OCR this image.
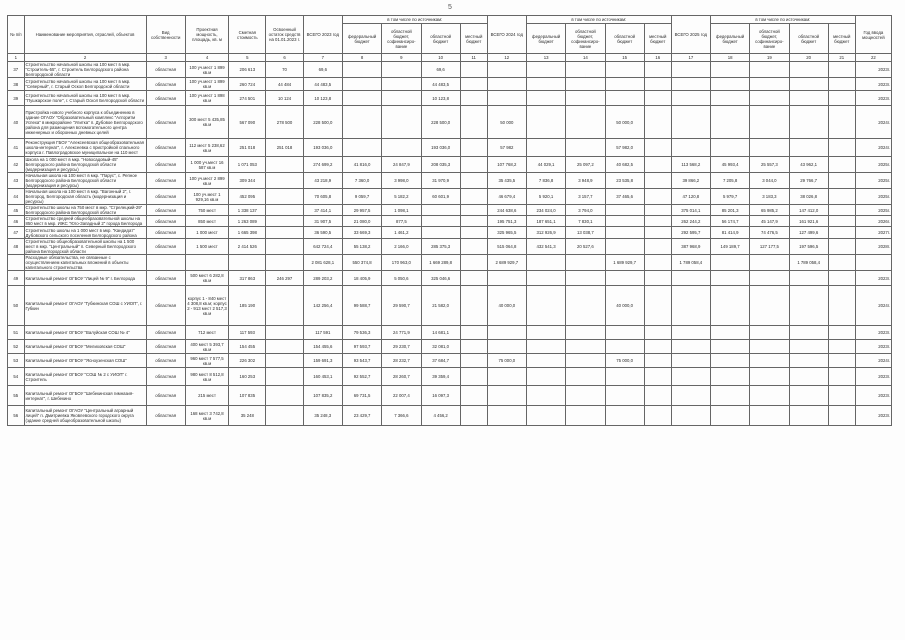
5
№ п/п	Наименование мероприятия, отраслей, объектов	Вид собственности	Проектная мощность, площадь, кв. м	Сметная стоимость	Освоенный остаток средств на 01.01.2023 г.	ВСЕГО 2023 год	в том числе по источникам:				ВСЕГО 2024 год	в том числе по источникам:				ВСЕГО 2025 год	в том числе по источникам:				Год ввода мощностей
							федеральный бюджет	областной бюджет, софинансиро-вание	областной бюджет	местный бюджет		федеральный бюджет	областной бюджет, софинансиро-вание	областной бюджет	местный бюджет		федеральный бюджет	областной бюджет, софинансиро-вание	областной бюджет	местный бюджет	
1	2	3	4	5	6	7	8	9	10	11	12	13	14	15	16	17	18	19	20	21	22
37	Строительство начальной школы на 100 мест в мкр. "Строитель-55", г. Строитель Белгородского района Белгородской области	областная	100 уч.мест 1 899 кв.м	206 613	70	69,6			69,6												2023г.
38	Строительство начальной школы на 100 мест в мкр. "Северный", г. Старый Оскол Белгородской области	областная	100 уч.мест 1 899 кв.м	260 724	44 484	44 483,5			44 483,5												2023г.
39	Строительство начальной школы на 100 мест в мкр. "Пушкарское поле", г. Старый Оскол Белгородской области	областная	100 уч.мест 1 898 кв.м	274 501	10 124	10 123,8			10 123,8												2023г.
40	Пристройка нового учебного корпуса к объединению в здание ОГАОУ "Образовательный комплекс "Алгоритм Успеха" в микрорайоне "Улитка" п. Дубовое Белгородского района для размещения вспомогательного центра инженерных и оборонных дневных целей	областная	300 мест 5 435,85 кв.м	567 090	278 500	228 500,0			228 500,0		50 000			50 000,0							2024г.
41	Реконструкция ГБОУ "Алексеевская общеобразовательная школа-интернат", г. Алексеевка с пристройкой спального корпуса г. Павлоградовское муниципальное на 110 мест	областная	112 мест 5 238,62 кв.м	251 018	251 018	193 036,0			193 036,0		57 982			57 982,0							2024г.
42	Школа на 1 000 мест в мкр. "Новосадовый-45" Белгородского района Белгородской области (модернизация и ресурсы)	областная	1 000 уч.мест 16 587 кв.м	1 071 053		274 699,2	41 816,0	24 847,9	208 035,3		107 768,2	44 029,1	25 097,2	40 682,5		113 568,2	45 993,4	25 557,3	43 962,1		2025г.
43	Начальная школа на 100 мест в мкр. "Парус", с. Репное Белгородского района Белгородской области (модернизация и ресурсы)	областная	100 уч.мест 2 899 кв.м	309 344		43 218,9	7 360,0	3 998,0	31 970,9		35 435,5	7 836,8	3 948,9	23 535,8		39 866,2	7 205,8	3 044,0	29 766,7		2025г.
44	Начальная школа на 100 мест в мкр. "Вагонный 2", г. Белгород, Белгородская область (модернизация и ресурсы)	областная	100 уч.мест 1 929,16 кв.м	452 095		70 605,8	9 059,7	5 182,2	60 601,9		46 679,4	5 920,1	3 157,7	37 465,6		47 120,8	5 979,7	3 183,3	38 026,8		2025г.
45	Строительство школы на 750 мест в мкр. "Стрелецкий-29" Белгородского района Белгородской области	областная	750 мест	1 338 137		37 414,1	29 957,5	1 098,1			244 638,6	234 024,0	3 794,0			375 014,1	85 201,3	65 985,2	147 412,0		2025г.
46	Строительство средней общеобразовательной школы на 850 мест в мкр. ИЖС "Юго-Западный 2" города Белгорода	областная	850 мест	1 263 089		31 907,5	21 080,0	877,5			195 751,3	187 651,1	7 830,1			262 244,2	56 174,7	45 147,9	161 921,6		2026г.
47	Строительство школы на 1 000 мест в мкр. "Кандидат" Дубовского сельского поселения Белгородского района	областная	1 000 мест	1 665 398		36 590,5	33 669,3	1 461,2			325 965,5	312 926,9	13 038,7			292 595,7	81 414,9	74 476,5	127 499,6		2027г.
48	Строительство общеобразовательной школы на 1 500 мест в мкр. "Центральный" п. Северный Белгородского района Белгородской области	областная	1 500 мест	2 414 526		642 724,4	55 138,2	2 166,0	285 375,3		515 064,8	432 541,3	20 527,6			387 968,9	149 189,7	127 177,5	197 596,5		2028г.
	Расходные обязательства, не связанные с осуществлением капитальных вложений в объекты капитального строительства					2 081 628,1	550 374,8	170 963,0	1 669 289,8		2 689 929,7			1 689 929,7		1 789 058,4			1 789 058,4		
49	Капитальный ремонт ОГБОУ "Лицей № 9" г. Белгорода	областная	500 мест 6 282,8 кв.м	317 863	246 297	289 203,2	18 405,9	5 050,6	325 046,6												2023г.
50	Капитальный ремонт ОГАОУ "Губкинская СОШ с УИОП", г. Губкин	областная	корпус 1 - 840 мест 4 308,8 кв.м; корпус 2 - 913 мест 2 517,3 кв.м	185 190		142 256,4	99 588,7	29 590,7	21 582,0		40 000,0			40 000,0							2024г.
51	Капитальный ремонт ОГБОУ "Валуйская СОШ № 4"	областная	712 мест	117 593		117 591	79 536,3	24 771,9	14 681,1												2023г.
52	Капитальный ремонт ОГБОУ "Мелиховская СОШ"	областная	400 мест 5 393,7 кв.м	154 455		154 455,6	97 593,7	29 230,7	32 081,0												2023г.
53	Капитальный ремонт ОГБОУ "Ясноузенская СОШ"	областная	960 мест 7 577,5 кв.м	226 302		159 691,3	93 543,7	28 232,7	37 684,7		75 000,0			75 000,0							2024г.
54	Капитальный ремонт ОГБОУ "СОШ № 2 с УИОП" г. Строитель	областная	980 мест 8 512,8 кв.м	160 253		160 453,1	92 552,7	28 260,7	39 359,4												2023г.
55	Капитальный ремонт ОГБОУ "Шебекинская гимназия-интернат", г. Шебекино	областная	215 мест	107 835		107 835,2	69 731,5	22 007,4	16 097,3												2023г.
56	Капитальный ремонт ОГАОУ "Центральный аграрный лицей" п. Дмитриевка Яковлевского городского округа (здание средней общеобразовательной школы)	областная	168 мест 3 742,8 кв.м	35 248		35 248,3	23 429,7	7 366,6	4 456,2												2023г.
